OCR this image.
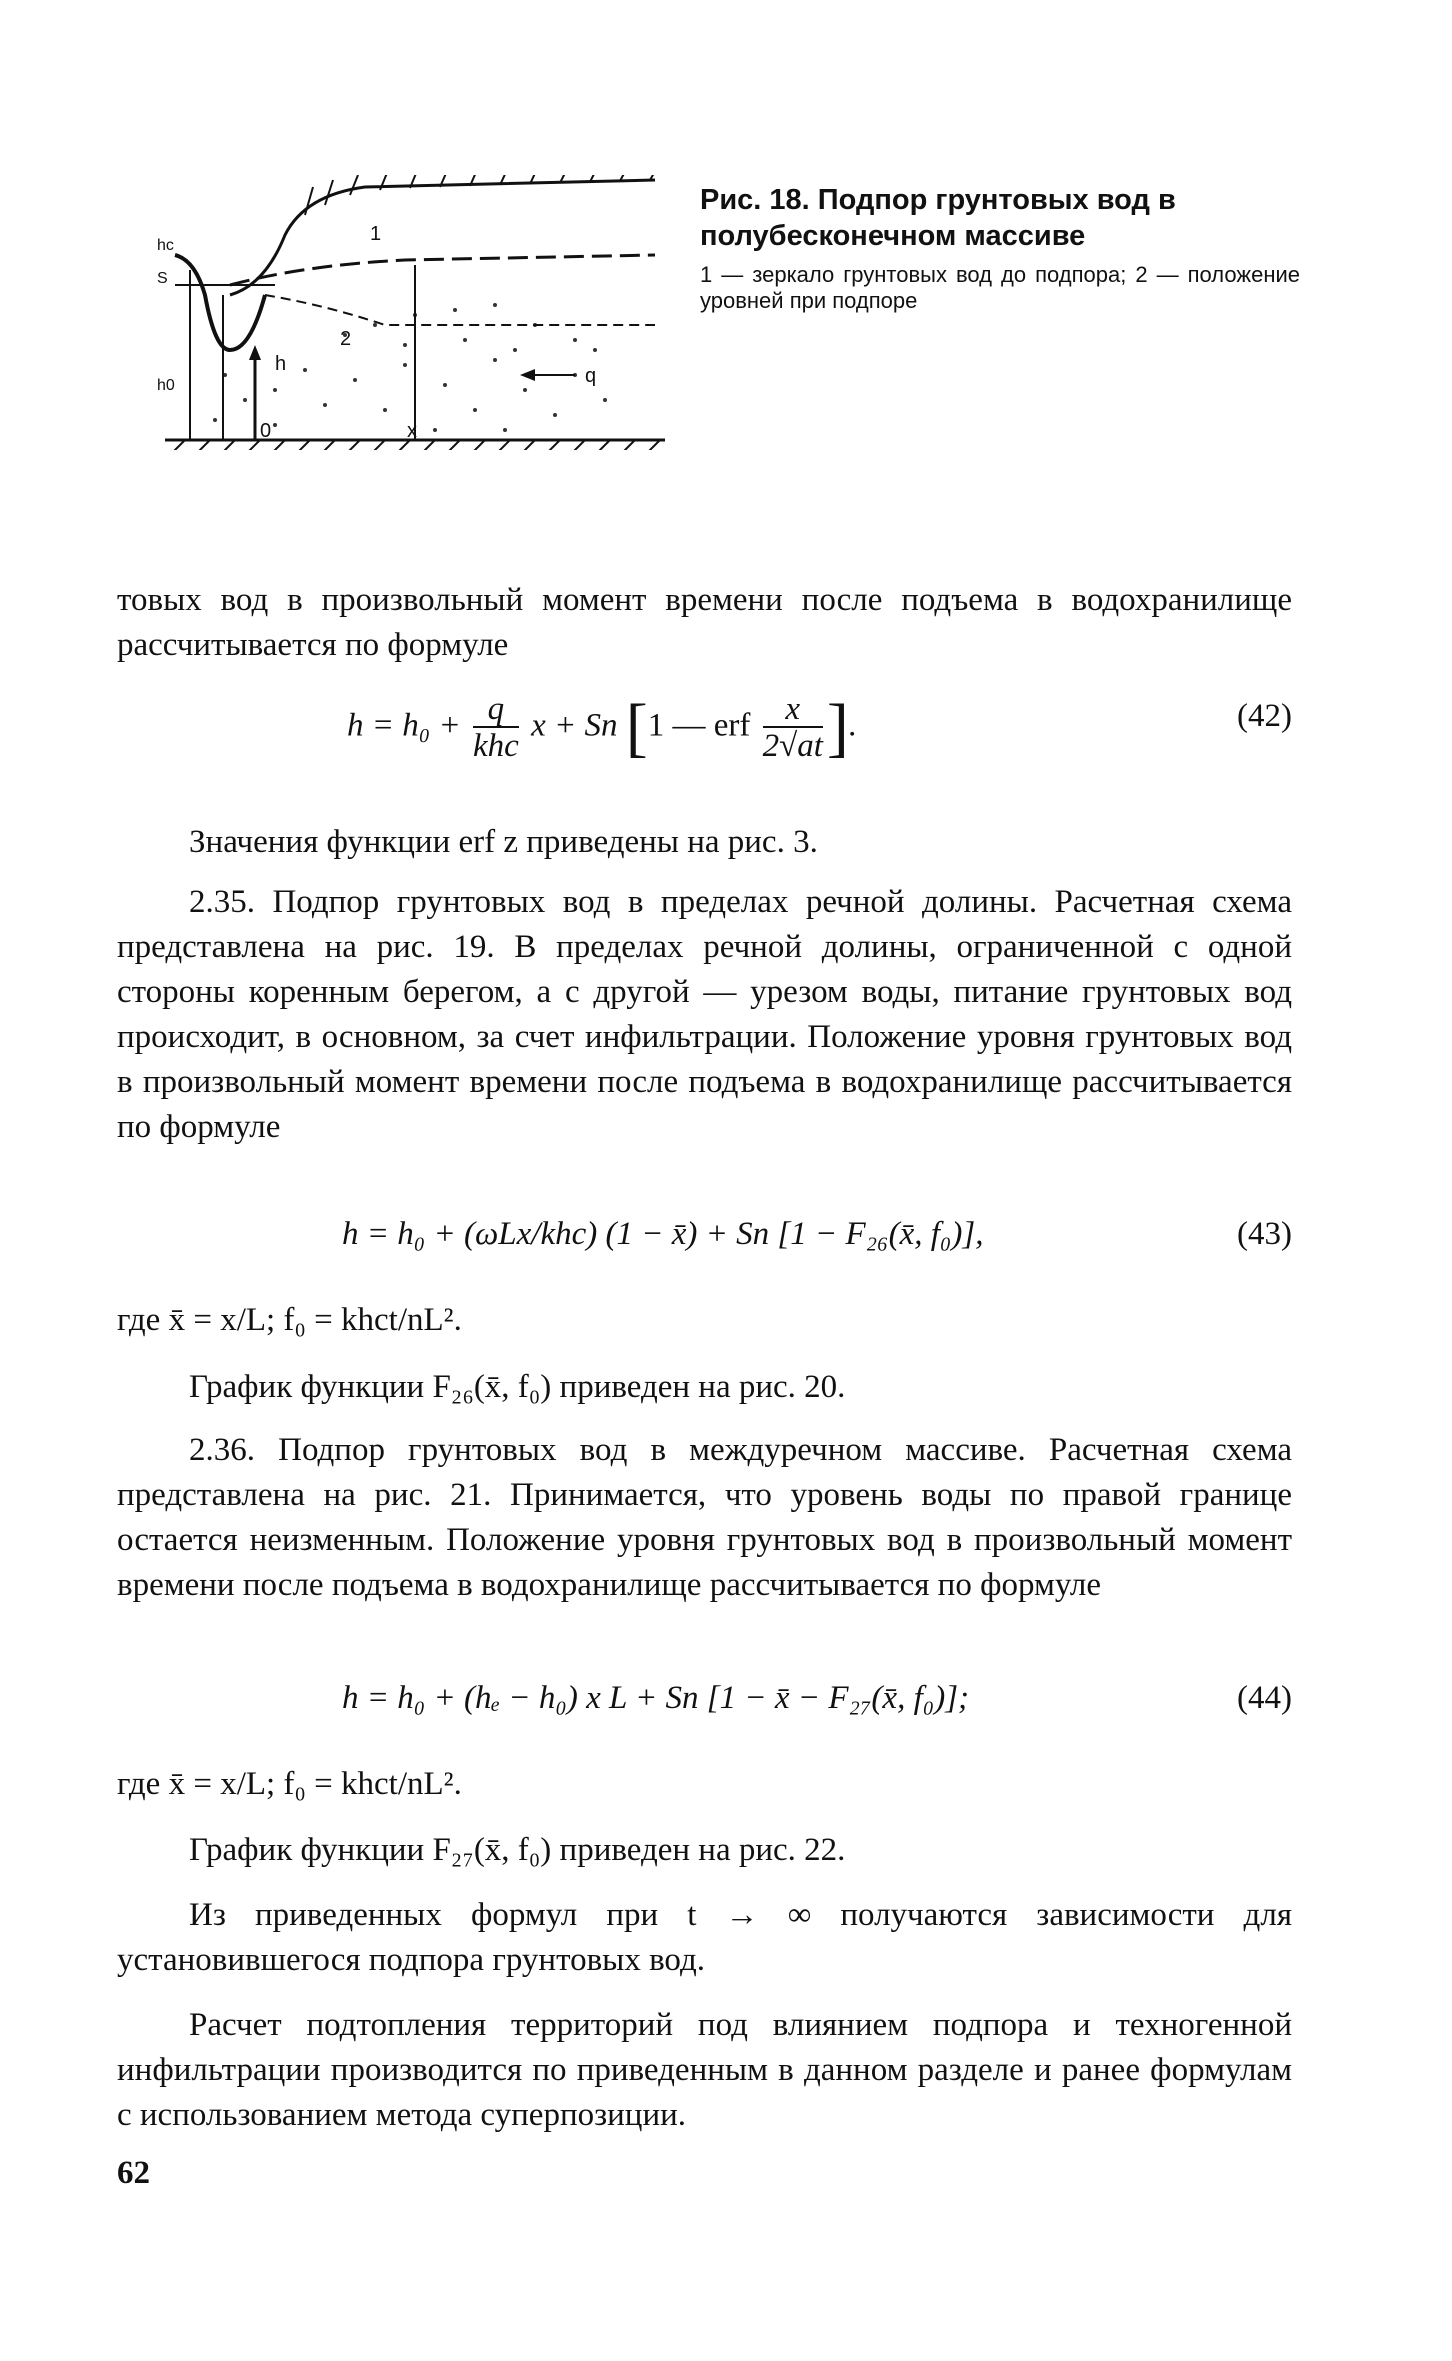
1
2
h
q
0	x
S
hc
h0

Рис. 18. Подпор грунтовых вод в полубесконечном массиве

1 — зеркало грунтовых вод до подпора; 2 — положение уровней при подпоре

товых вод в произвольный момент времени после подъема в водохранилище рассчитывается по формуле

$h = h_0 + \frac{q}{\text{khc}}$ x + Sп [1 — erf $\frac{x}{2√at}$ ].	(42)

Значения функции erf z приведены на рис. 3.

2.35. Подпор грунтовых вод в пределах речной долины. Расчетная схема представлена на рис. 19. В пределах речной долины, ограниченной с одной стороны коренным берегом, а с другой — урезом воды, питание грунтовых вод происходит, в основном, за счет инфильтрации. Положение уровня грунтовых вод в произвольный момент времени после подъема в водохранилище рассчитывается по формуле

h = h₀ + (ωLx/khc) (1 − x̄) + Sп [1 − F₂₆(x̄, f₀)],	(43)

где x̄ = x/L; f₀ = khct/nL².

График функции F₂₆(x̄, f₀) приведен на рис. 20.

2.36. Подпор грунтовых вод в междуречном массиве. Расчетная схема представлена на рис. 21. Принимается, что уровень воды по правой границе остается неизменным. Положение уровня грунтовых вод в произвольный момент времени после подъема в водохранилище рассчитывается по формуле

h = h₀ + (hₑ − h₀) x L + Sп [1 − x̄ − F₂₇(x̄, f₀)];	(44)

где x̄ = x/L; f₀ = khct/nL².

График функции F₂₇(x̄, f₀) приведен на рис. 22.

Из приведенных формул при t → ∞ получаются зависимости для установившегося подпора грунтовых вод.

Расчет подтопления территорий под влиянием подпора и техногенной инфильтрации производится по приведенным в данном разделе и ранее формулам с использованием метода суперпозиции.

62
